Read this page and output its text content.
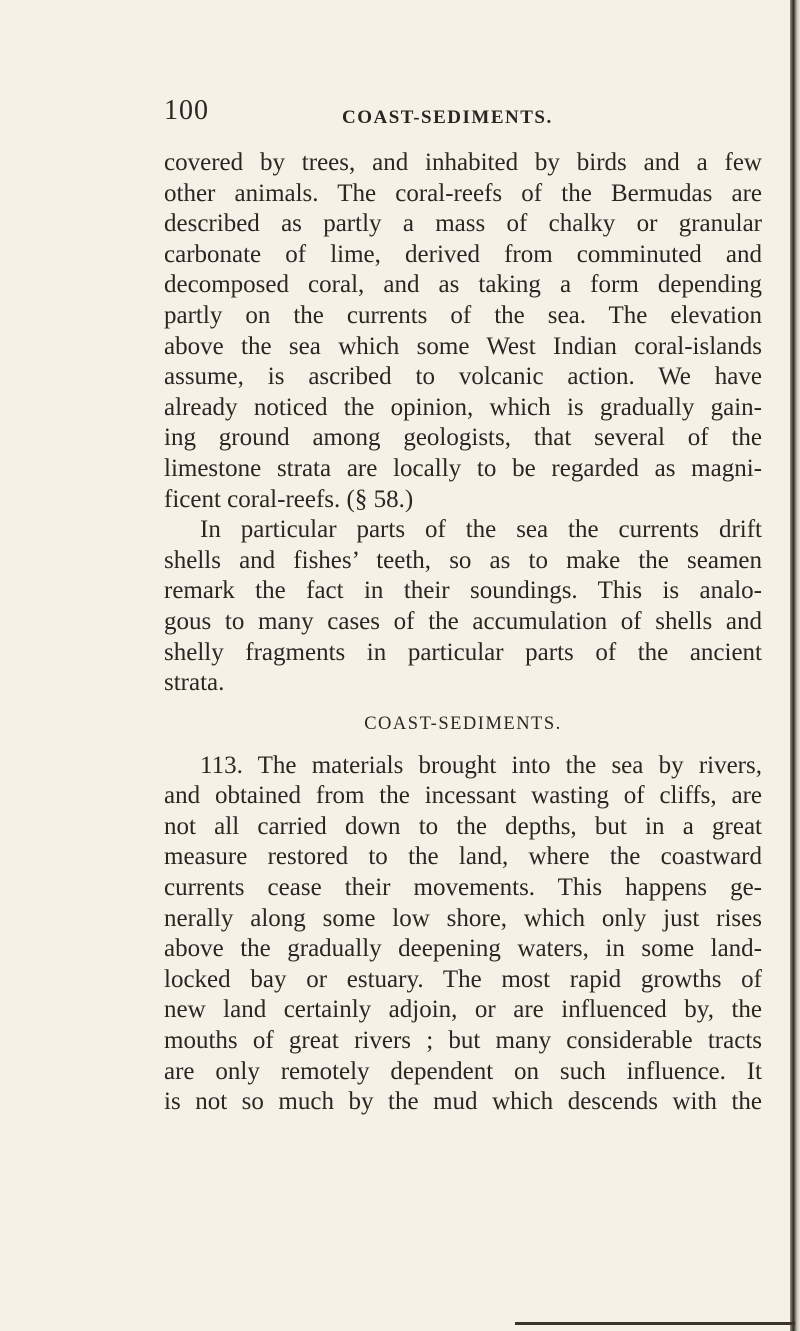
100	COAST-SEDIMENTS.

covered by trees, and inhabited by birds and a few
other animals. The coral-reefs of the Bermudas are
described as partly a mass of chalky or granular
carbonate of lime, derived from comminuted and
decomposed coral, and as taking a form depending
partly on the currents of the sea. The elevation
above the sea which some West Indian coral-islands
assume, is ascribed to volcanic action. We have
already noticed the opinion, which is gradually gain-
ing ground among geologists, that several of the
limestone strata are locally to be regarded as magni-
ficent coral-reefs. (§ 58.)

In particular parts of the sea the currents drift
shells and fishes’ teeth, so as to make the seamen
remark the fact in their soundings. This is analo-
gous to many cases of the accumulation of shells and
shelly fragments in particular parts of the ancient
strata.

COAST-SEDIMENTS.

113. The materials brought into the sea by rivers,
and obtained from the incessant wasting of cliffs, are
not all carried down to the depths, but in a great
measure restored to the land, where the coastward
currents cease their movements. This happens ge-
nerally along some low shore, which only just rises
above the gradually deepening waters, in some land-
locked bay or estuary. The most rapid growths of
new land certainly adjoin, or are influenced by, the
mouths of great rivers ; but many considerable tracts
are only remotely dependent on such influence. It
is not so much by the mud which descends with the
